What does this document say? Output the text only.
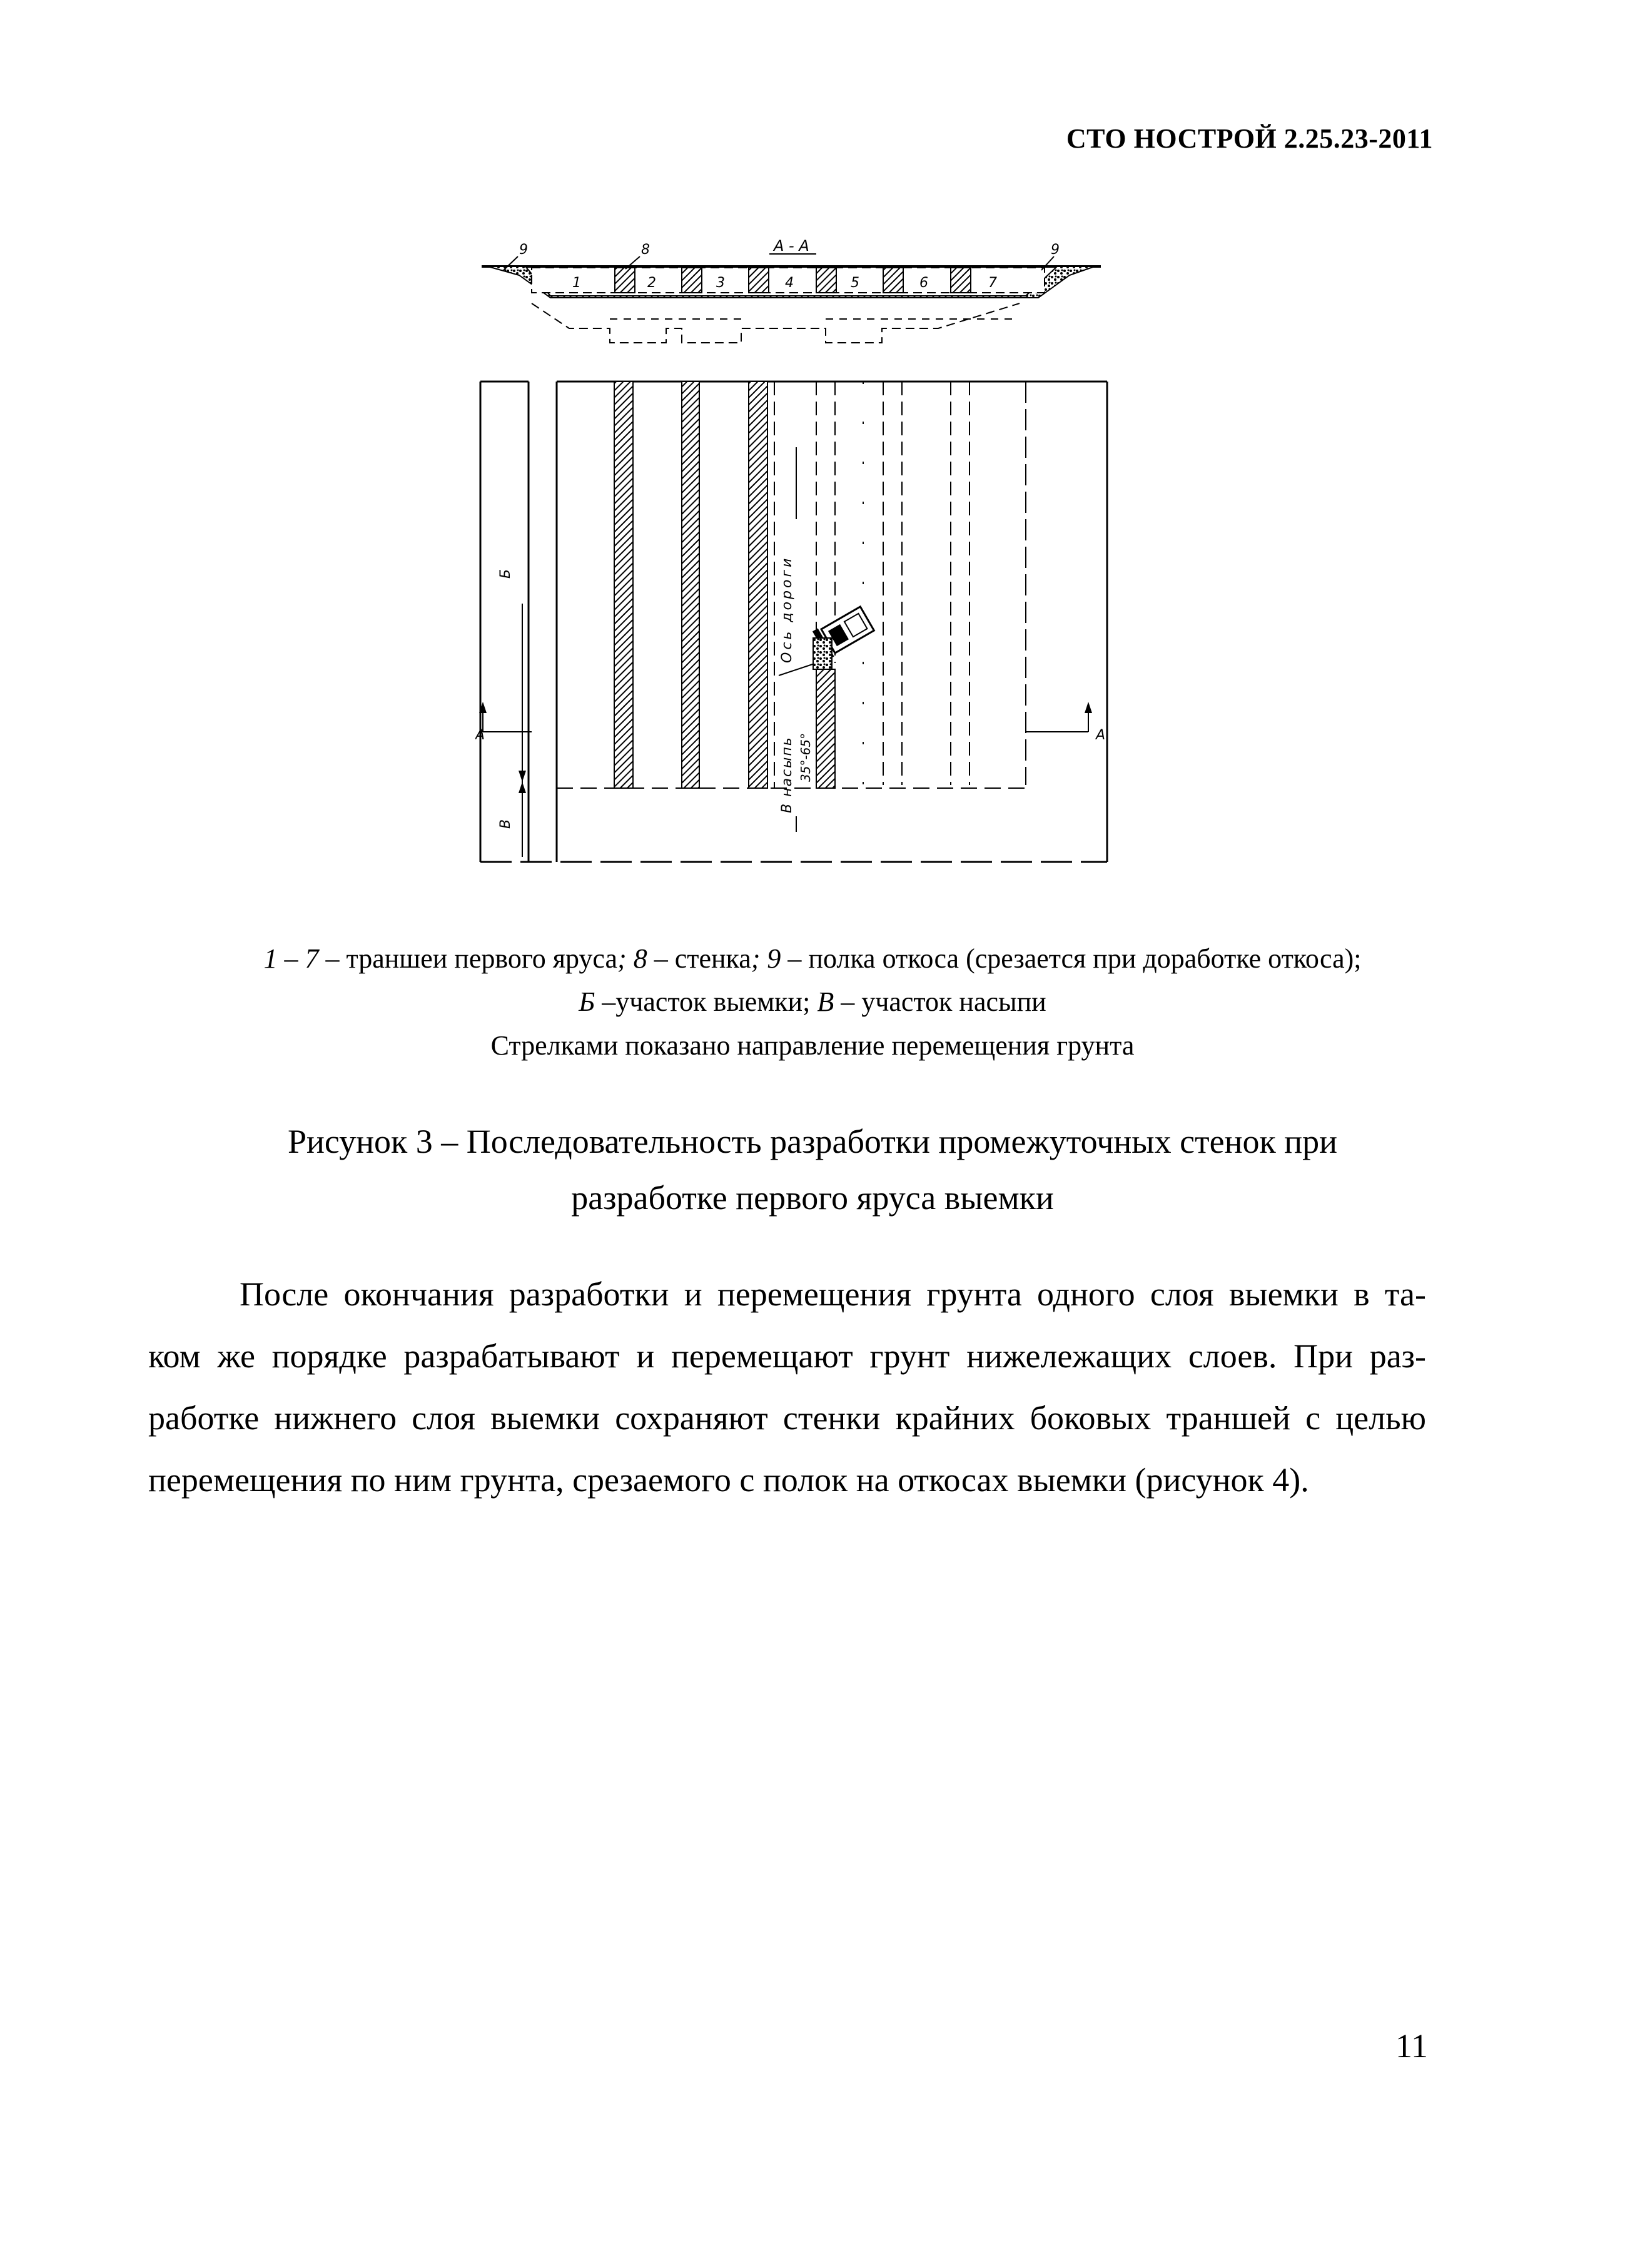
СТО НОСТРОЙ 2.25.23-2011
А - А
1	2	3	4	5	6	7
9	8	9
Б
В
А
Ось дороги
В насыпь 35°-65°	А
1 – 7 – траншеи первого яруса; 8 – стенка; 9 – полка откоса (срезается при доработке откоса);
Б –участок выемки; В – участок насыпи
Стрелками показано направление перемещения грунта
Рисунок 3 – Последовательность разработки промежуточных стенок при
разработке первого яруса выемки
После окончания разработки и перемещения грунта одного слоя выемки в та-
ком же порядке разрабатывают и перемещают грунт нижележащих слоев. При раз-
работке нижнего слоя выемки сохраняют стенки крайних боковых траншей с целью
перемещения по ним грунта, срезаемого с полок на откосах выемки (рисунок 4).
11
